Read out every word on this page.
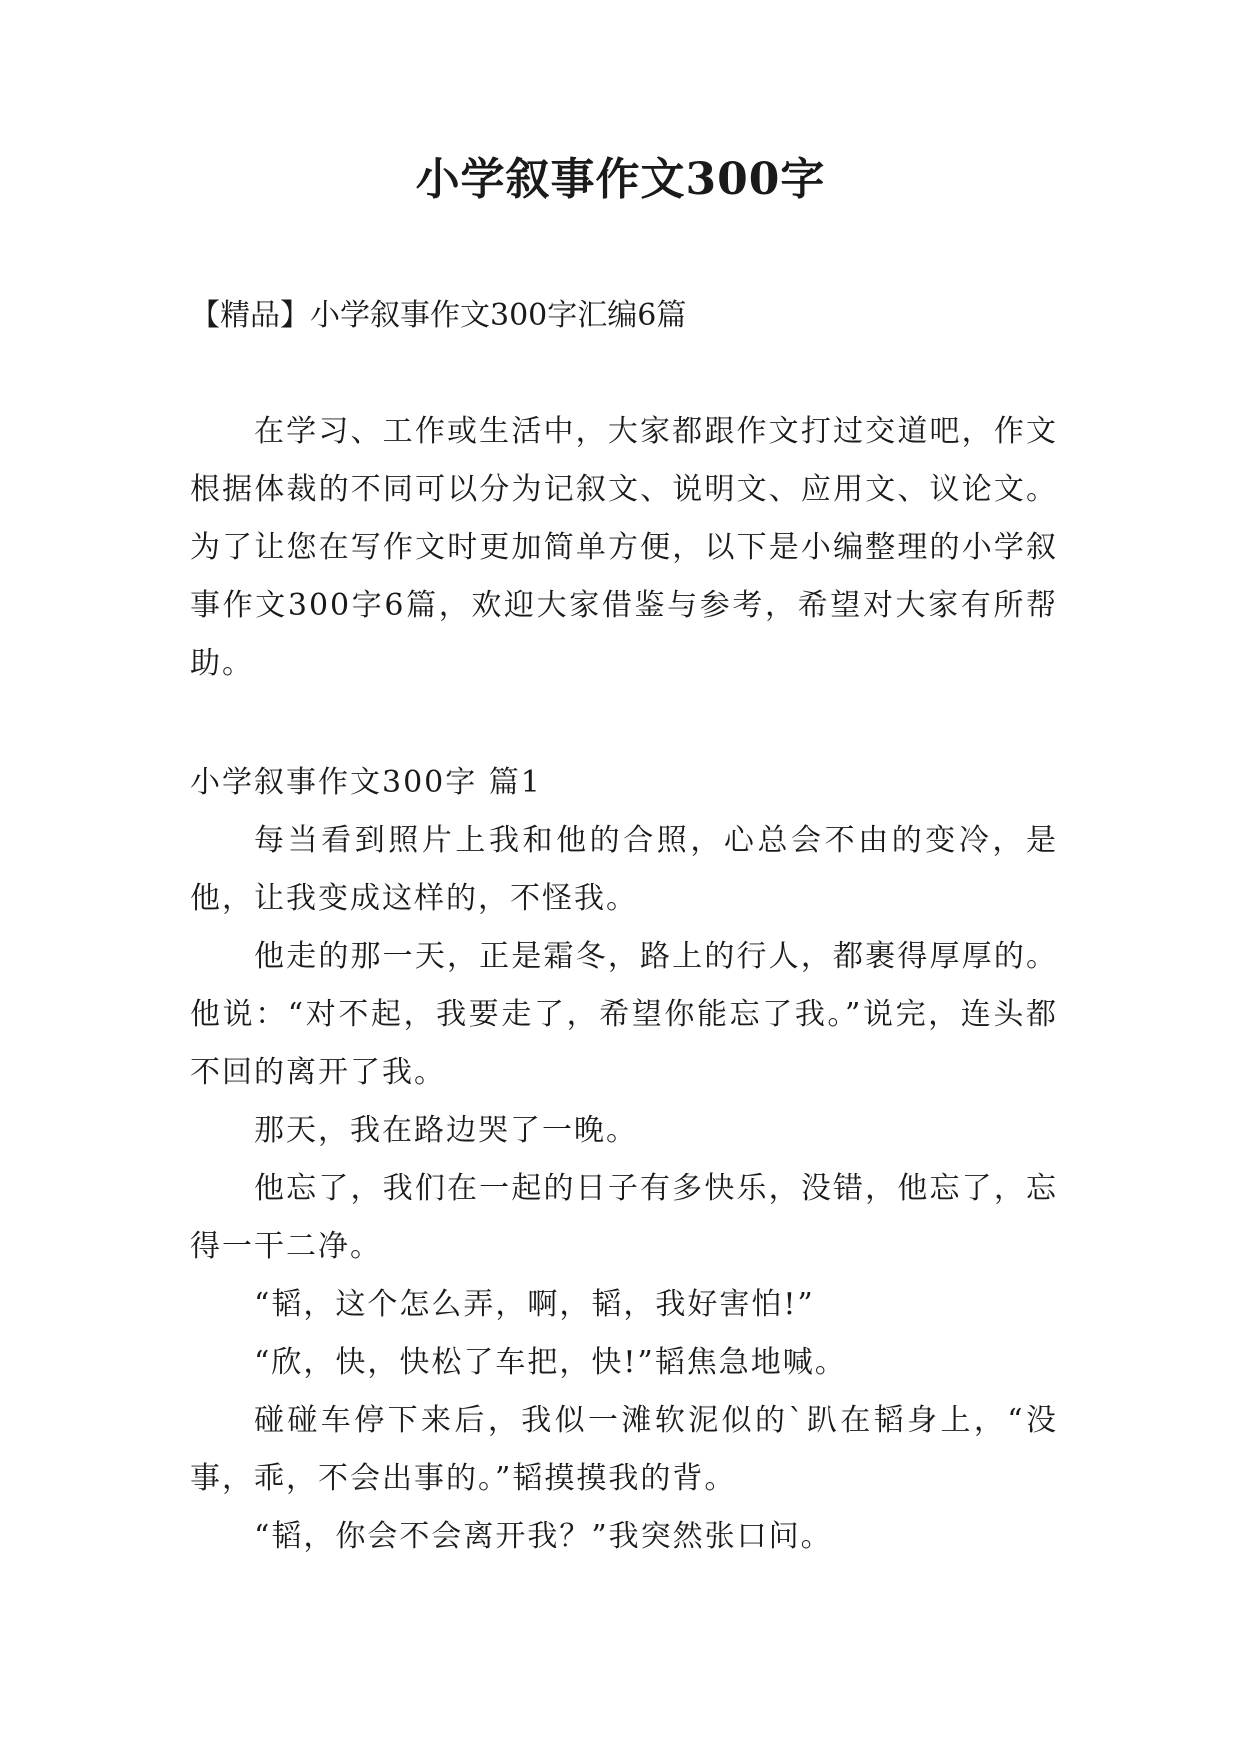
小学叙事作文300字
【精品】小学叙事作文300字汇编6篇

在学习、工作或生活中，大家都跟作文打过交道吧，作文根据体裁的不同可以分为记叙文、说明文、应用文、议论文。为了让您在写作文时更加简单方便，以下是小编整理的小学叙事作文300字6篇，欢迎大家借鉴与参考，希望对大家有所帮助。

小学叙事作文300字 篇1

每当看到照片上我和他的合照，心总会不由的变冷，是他，让我变成这样的，不怪我。

他走的那一天，正是霜冬，路上的行人，都裹得厚厚的。他说：“对不起，我要走了，希望你能忘了我。”说完，连头都不回的离开了我。

那天，我在路边哭了一晚。

他忘了，我们在一起的日子有多快乐，没错，他忘了，忘得一干二净。

“韬，这个怎么弄，啊，韬，我好害怕!”

“欣，快，快松了车把，快!”韬焦急地喊。

碰碰车停下来后，我似一滩软泥似的`趴在韬身上，“没事，乖，不会出事的。”韬摸摸我的背。

“韬，你会不会离开我？”我突然张口问。
